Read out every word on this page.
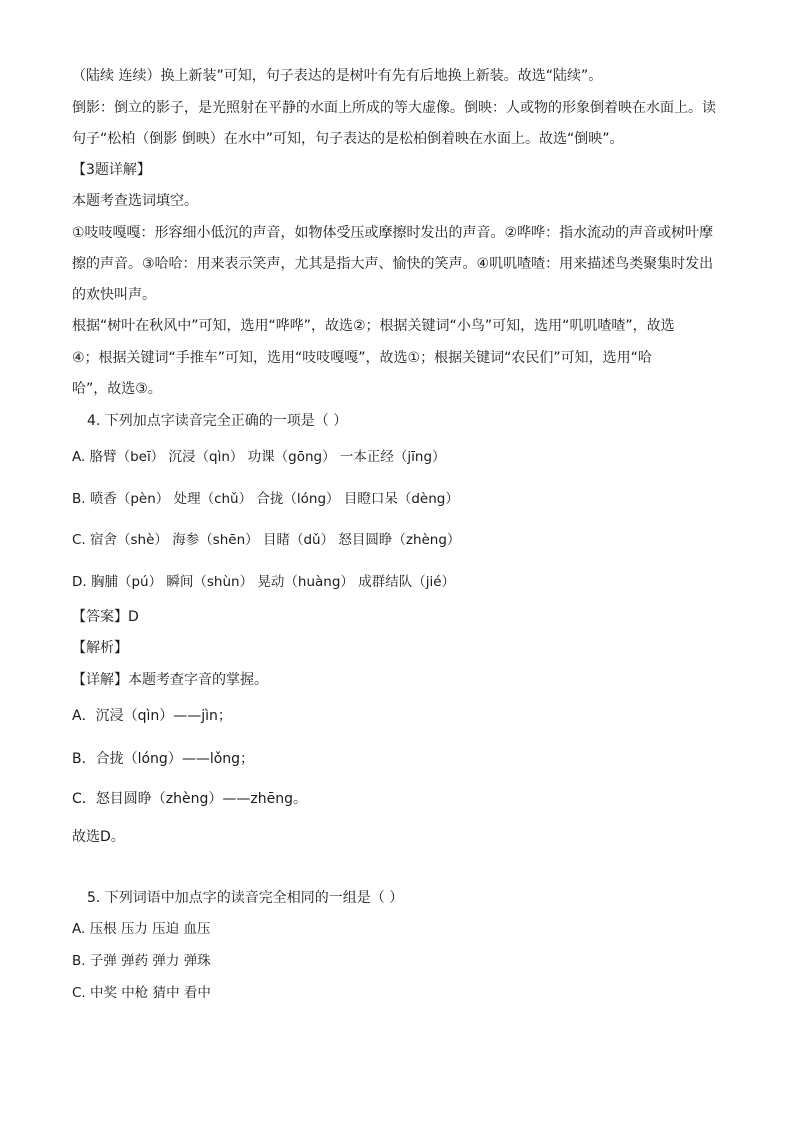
（陆续 连续）换上新装”可知，句子表达的是树叶有先有后地换上新装。故选“陆续”。
倒影：倒立的影子，是光照射在平静的水面上所成的等大虚像。倒映：人或物的形象倒着映在水面上。读
句子“松柏（倒影 倒映）在水中”可知，句子表达的是松柏倒着映在水面上。故选“倒映”。
【3题详解】
本题考查选词填空。
①吱吱嘎嘎：形容细小低沉的声音，如物体受压或摩擦时发出的声音。②哗哗：指水流动的声音或树叶摩
擦的声音。③哈哈：用来表示笑声，尤其是指大声、愉快的笑声。④叽叽喳喳：用来描述鸟类聚集时发出
的欢快叫声。
根据“树叶在秋风中”可知，选用“哗哗”，故选②；根据关键词“小鸟”可知，选用“叽叽喳喳”，故选
④；根据关键词“手推车”可知，选用“吱吱嘎嘎”，故选①；根据关键词“农民们”可知，选用“哈
哈”，故选③。
4. 下列加点字读音完全正确的一项是（ ）
A. 胳臂（beī） 沉浸（qìn） 功课（gōng） 一本正经（jīng）
B. 喷香（pèn） 处理（chǔ） 合拢（lóng） 目瞪口呆（dèng）
C. 宿舍（shè） 海参（shēn） 目睹（dǔ） 怒目圆睁（zhèng）
D. 胸脯（pú） 瞬间（shùn） 晃动（huàng） 成群结队（jié）
【答案】D
【解析】
【详解】本题考查字音的掌握。
A．沉浸（qìn）——jìn；
B．合拢（lóng）——lǒng；
C．怒目圆睁（zhèng）——zhēng。
故选D。
5. 下列词语中加点字的读音完全相同的一组是（ ）
A. 压根 压力 压迫 血压
B. 子弹 弹药 弹力 弹珠
C. 中奖 中枪 猜中 看中
